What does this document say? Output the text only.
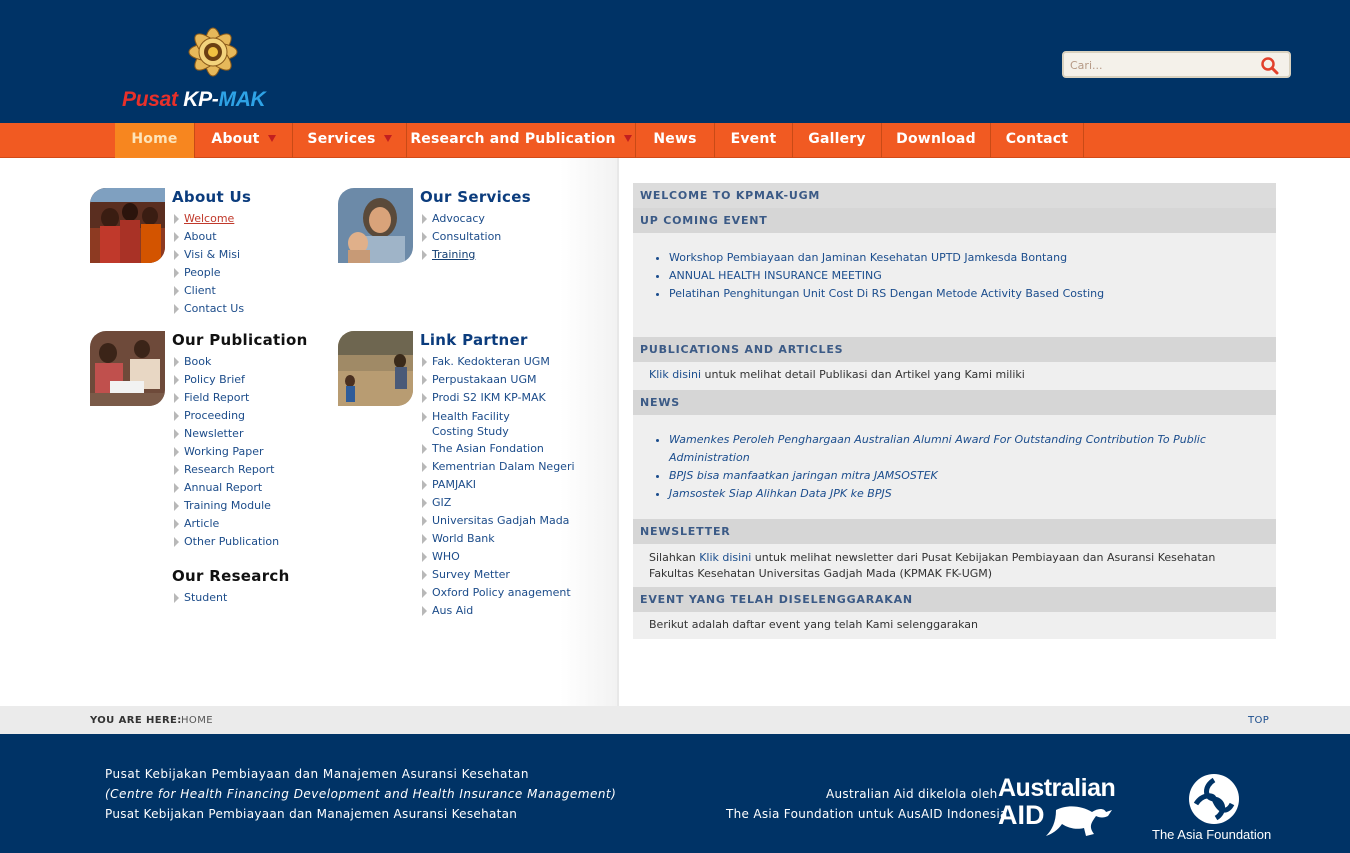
Pusat KP-MAK
Cari...
Home	About	Services	Research and Publication	News	Event	Gallery	Download	Contact
About Us
Welcome
About
Visi & Misi
People
Client
Contact Us
Our Services
Advocacy
Consultation
Training
Our Publication
Book
Policy Brief
Field Report
Proceeding
Newsletter
Working Paper
Research Report
Annual Report
Training Module
Article
Other Publication
Our Research
Student
Link Partner
Fak. Kedokteran UGM
Perpustakaan UGM
Prodi S2 IKM KP-MAK
Health Facility Costing Study
The Asian Fondation
Kementrian Dalam Negeri
PAMJAKI
GIZ
Universitas Gadjah Mada
World Bank
WHO
Survey Metter
Oxford Policy anagement
Aus Aid
WELCOME TO KPMAK-UGM
UP COMING EVENT
• Workshop Pembiayaan dan Jaminan Kesehatan UPTD Jamkesda Bontang
• ANNUAL HEALTH INSURANCE MEETING
• Pelatihan Penghitungan Unit Cost Di RS Dengan Metode Activity Based Costing
PUBLICATIONS AND ARTICLES
Klik disini untuk melihat detail Publikasi dan Artikel yang Kami miliki
NEWS
• Wamenkes Peroleh Penghargaan Australian Alumni Award For Outstanding Contribution To Public Administration
• BPJS bisa manfaatkan jaringan mitra JAMSOSTEK
• Jamsostek Siap Alihkan Data JPK ke BPJS
NEWSLETTER
Silahkan Klik disini untuk melihat newsletter dari Pusat Kebijakan Pembiayaan dan Asuransi Kesehatan Fakultas Kesehatan Universitas Gadjah Mada (KPMAK FK-UGM)
EVENT YANG TELAH DISELENGGARAKAN
Berikut adalah daftar event yang telah Kami selenggarakan
YOU ARE HERE: HOME	TOP
Pusat Kebijakan Pembiayaan dan Manajemen Asuransi Kesehatan
(Centre for Health Financing Development and Health Insurance Management)
Pusat Kebijakan Pembiayaan dan Manajemen Asuransi Kesehatan
Australian Aid dikelola oleh
The Asia Foundation untuk AusAID Indonesia
Australian
AID
The Asia Foundation
